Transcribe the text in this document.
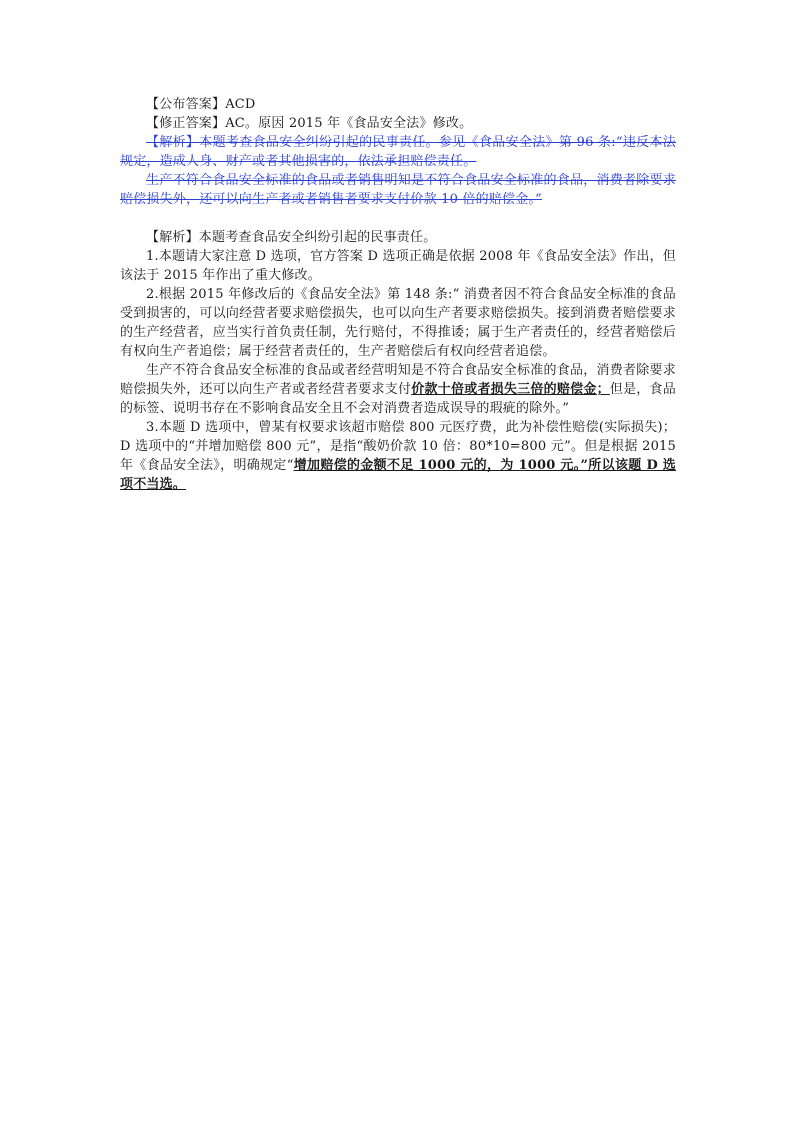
【公布答案】ACD

【修正答案】AC。原因 2015 年《食品安全法》修改。

【解析】本题考查食品安全纠纷引起的民事责任。参见《食品安全法》第 96 条:“违反本法规定，造成人身、财产或者其他损害的，依法承担赔偿责任。

生产不符合食品安全标准的食品或者销售明知是不符合食品安全标准的食品，消费者除要求赔偿损失外，还可以向生产者或者销售者要求支付价款 10 倍的赔偿金。”

【解析】本题考查食品安全纠纷引起的民事责任。

1.本题请大家注意 D 选项，官方答案 D 选项正确是依据 2008 年《食品安全法》作出，但该法于 2015 年作出了重大修改。

2.根据 2015 年修改后的《食品安全法》第 148 条:“ 消费者因不符合食品安全标准的食品受到损害的，可以向经营者要求赔偿损失，也可以向生产者要求赔偿损失。接到消费者赔偿要求的生产经营者，应当实行首负责任制，先行赔付，不得推诿；属于生产者责任的，经营者赔偿后有权向生产者追偿；属于经营者责任的，生产者赔偿后有权向经营者追偿。

生产不符合食品安全标准的食品或者经营明知是不符合食品安全标准的食品，消费者除要求赔偿损失外，还可以向生产者或者经营者要求支付价款十倍或者损失三倍的赔偿金；但是，食品的标签、说明书存在不影响食品安全且不会对消费者造成误导的瑕疵的除外。”

3.本题 D 选项中，曾某有权要求该超市赔偿 800 元医疗费，此为补偿性赔偿(实际损失)；D 选项中的“并增加赔偿 800 元”，是指“酸奶价款 10 倍：80*10=800 元”。但是根据 2015 年《食品安全法》，明确规定“增加赔偿的金额不足 1000 元的，为 1000 元。”所以该题 D 选项不当选。
